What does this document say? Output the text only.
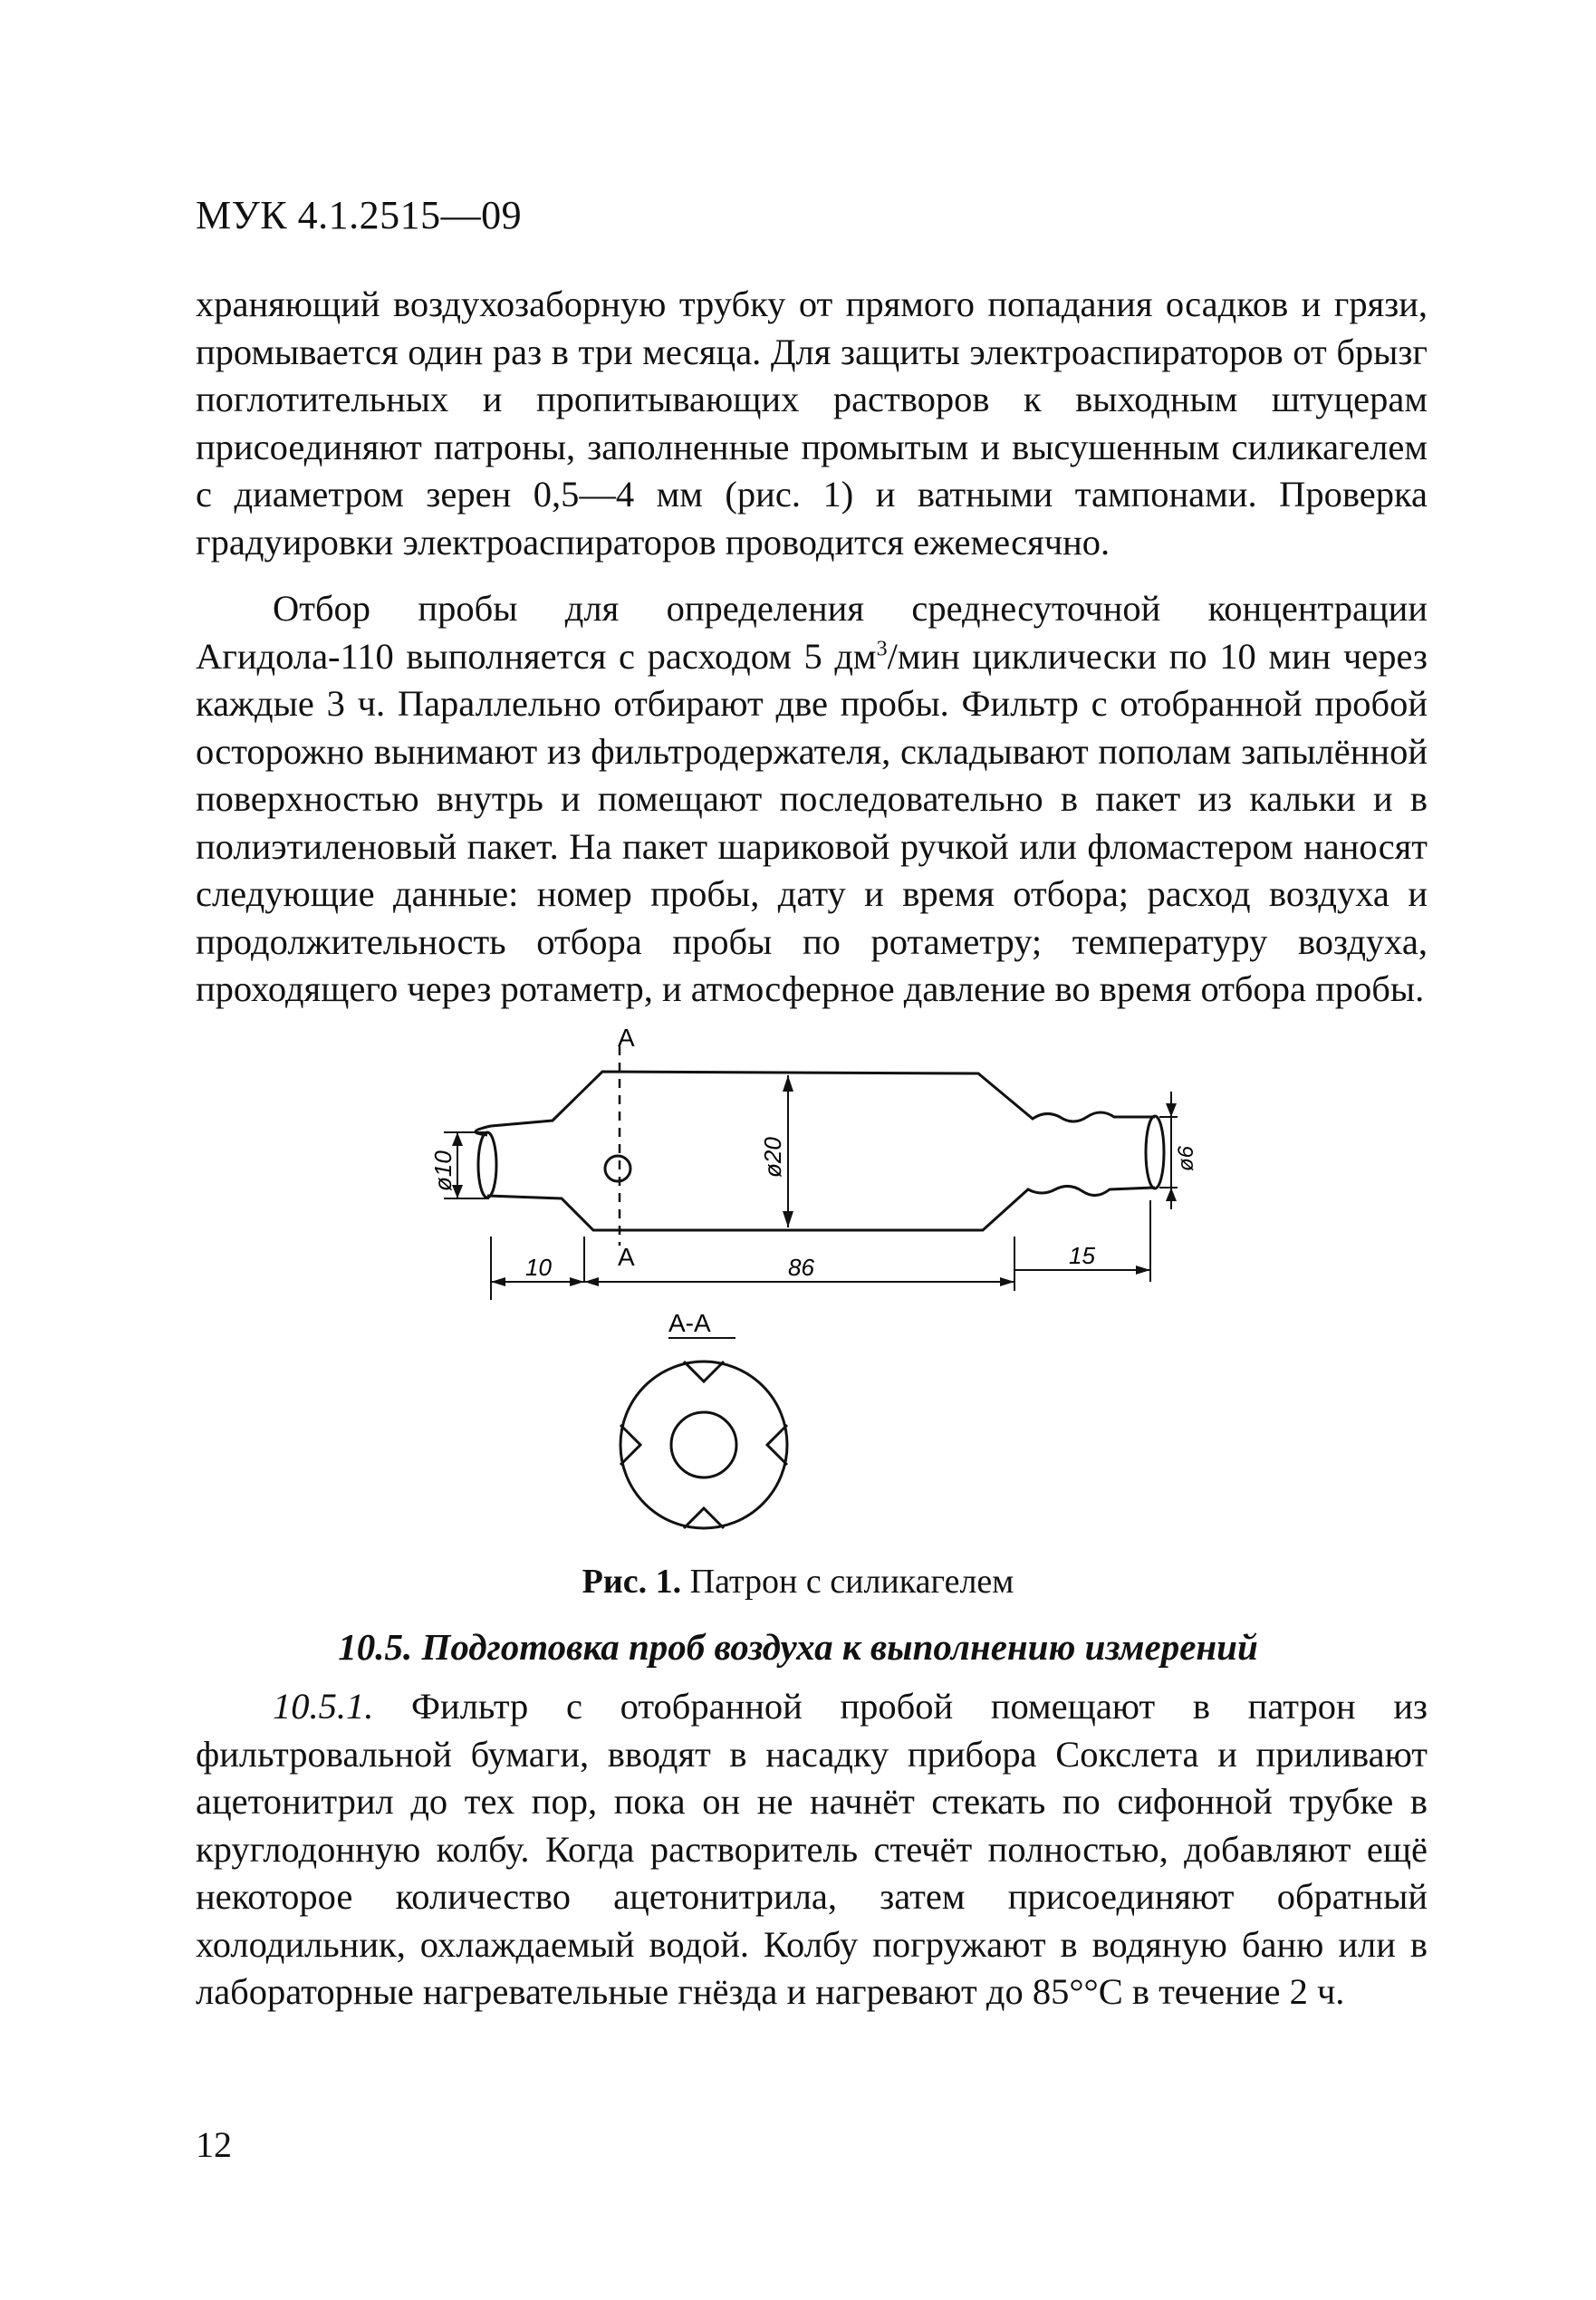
МУК 4.1.2515—09

храняющий воздухозаборную трубку от прямого попадания осадков и грязи, промывается один раз в три месяца. Для защиты электроаспираторов от брызг поглотительных и пропитывающих растворов к выходным штуцерам присоединяют патроны, заполненные промытым и высушенным силикагелем с диаметром зерен 0,5—4 мм (рис. 1) и ватными тампонами. Проверка градуировки электроаспираторов проводится ежемесячно.

Отбор пробы для определения среднесуточной концентрации Агидола-110 выполняется с расходом 5 $дм^3$/мин циклически по 10 мин через каждые 3 ч. Параллельно отбирают две пробы. Фильтр с отобранной пробой осторожно вынимают из фильтродержателя, складывают пополам запылённой поверхностью внутрь и помещают последовательно в пакет из кальки и в полиэтиленовый пакет. На пакет шариковой ручкой или фломастером наносят следующие данные: номер пробы, дату и время отбора; расход воздуха и продолжительность отбора пробы по ротаметру; температуру воздуха, проходящего через ротаметр, и атмосферное давление во время отбора пробы.

A
A
ø10	ø20	ø6
10	86	15
А-А
Рис. 1. Патрон с силикагелем
10.5. Подготовка проб воздуха к выполнению измерений

10.5.1. Фильтр с отобранной пробой помещают в патрон из фильтровальной бумаги, вводят в насадку прибора Сокслета и приливают ацетонитрил до тех пор, пока он не начнёт стекать по сифонной трубке в круглодонную колбу. Когда растворитель стечёт полностью, добавляют ещё некоторое количество ацетонитрила, затем присоединяют обратный холодильник, охлаждаемый водой. Колбу погружают в водяную баню или в лабораторные нагревательные гнёзда и нагревают до 85°°C в течение 2 ч.

12
